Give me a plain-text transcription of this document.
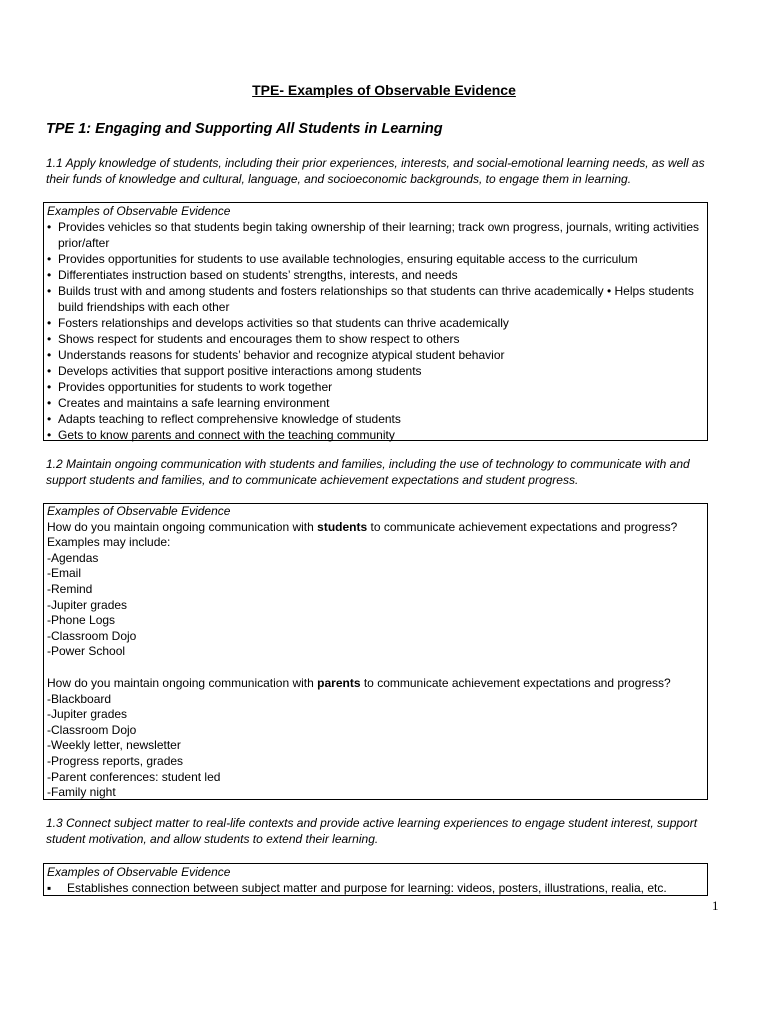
TPE- Examples of Observable Evidence
TPE 1: Engaging and Supporting All Students in Learning

1.1 Apply knowledge of students, including their prior experiences, interests, and social-emotional learning needs, as well as their funds of knowledge and cultural, language, and socioeconomic backgrounds, to engage them in learning.

Examples of Observable Evidence

• Provides vehicles so that students begin taking ownership of their learning; track own progress, journals, writing activities prior/after
• Provides opportunities for students to use available technologies, ensuring equitable access to the curriculum
• Differentiates instruction based on students’ strengths, interests, and needs
• Builds trust with and among students and fosters relationships so that students can thrive academically • Helps students build friendships with each other
• Fosters relationships and develops activities so that students can thrive academically
• Shows respect for students and encourages them to show respect to others
• Understands reasons for students’ behavior and recognize atypical student behavior
• Develops activities that support positive interactions among students
• Provides opportunities for students to work together
• Creates and maintains a safe learning environment
• Adapts teaching to reflect comprehensive knowledge of students
• Gets to know parents and connect with the teaching community

1.2 Maintain ongoing communication with students and families, including the use of technology to communicate with and support students and families, and to communicate achievement expectations and student progress.

Examples of Observable Evidence

How do you maintain ongoing communication with students to communicate achievement expectations and progress?

Examples may include:

- Agendas
- Email
- Remind
- Jupiter grades
- Phone Logs
- Classroom Dojo
- Power School

How do you maintain ongoing communication with parents to communicate achievement expectations and progress?

- Blackboard
- Jupiter grades
- Classroom Dojo
- Weekly letter, newsletter
- Progress reports, grades
- Parent conferences: student led
- Family night

1.3 Connect subject matter to real-life contexts and provide active learning experiences to engage student interest, support student motivation, and allow students to extend their learning.

Examples of Observable Evidence

▪ Establishes connection between subject matter and purpose for learning: videos, posters, illustrations, realia, etc.
1
